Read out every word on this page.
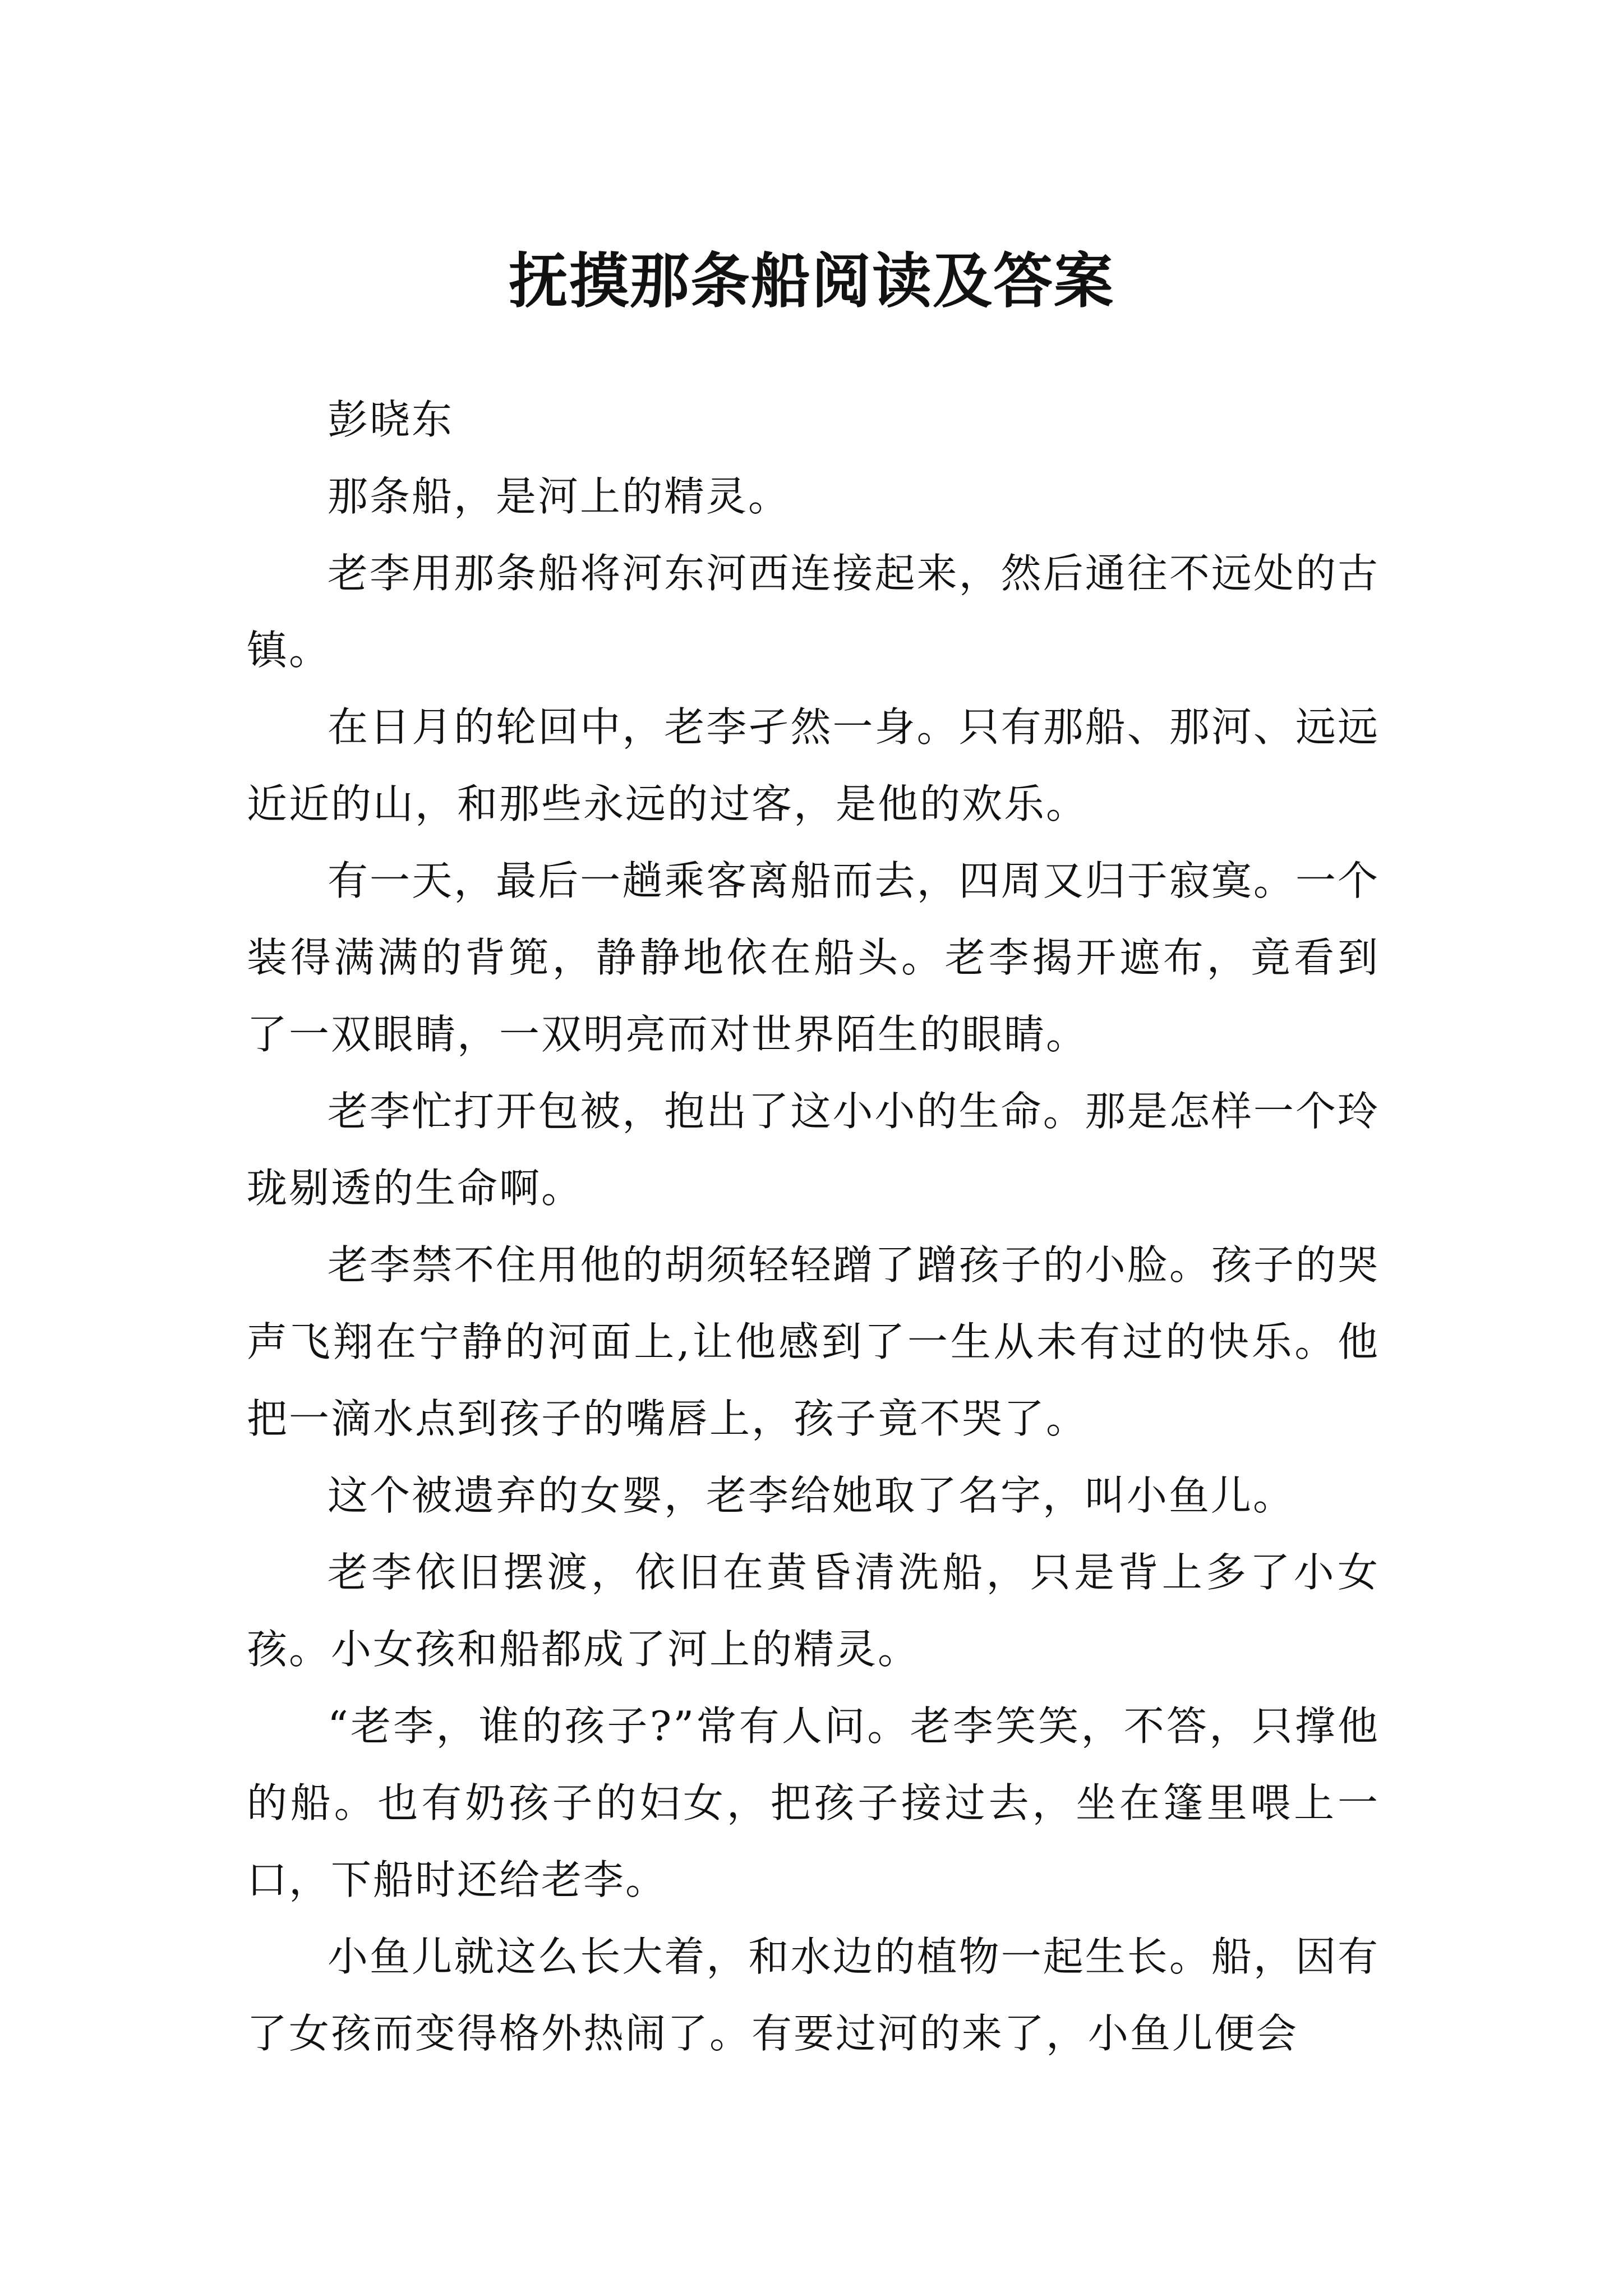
抚摸那条船阅读及答案

彭晓东

那条船，是河上的精灵。

老李用那条船将河东河西连接起来，然后通往不远处的古镇。

在日月的轮回中，老李孑然一身。只有那船、那河、远远近近的山，和那些永远的过客，是他的欢乐。

有一天，最后一趟乘客离船而去，四周又归于寂寞。一个装得满满的背篼，静静地依在船头。老李揭开遮布，竟看到了一双眼睛，一双明亮而对世界陌生的眼睛。

老李忙打开包被，抱出了这小小的生命。那是怎样一个玲珑剔透的生命啊。

老李禁不住用他的胡须轻轻蹭了蹭孩子的小脸。孩子的哭声飞翔在宁静的河面上,让他感到了一生从未有过的快乐。他把一滴水点到孩子的嘴唇上，孩子竟不哭了。

这个被遗弃的女婴，老李给她取了名字，叫小鱼儿。

老李依旧摆渡，依旧在黄昏清洗船，只是背上多了小女孩。小女孩和船都成了河上的精灵。

“老李，谁的孩子?”常有人问。老李笑笑，不答，只撑他的船。也有奶孩子的妇女，把孩子接过去，坐在篷里喂上一口，下船时还给老李。

小鱼儿就这么长大着，和水边的植物一起生长。船，因有了女孩而变得格外热闹了。有要过河的来了，小鱼儿便会
